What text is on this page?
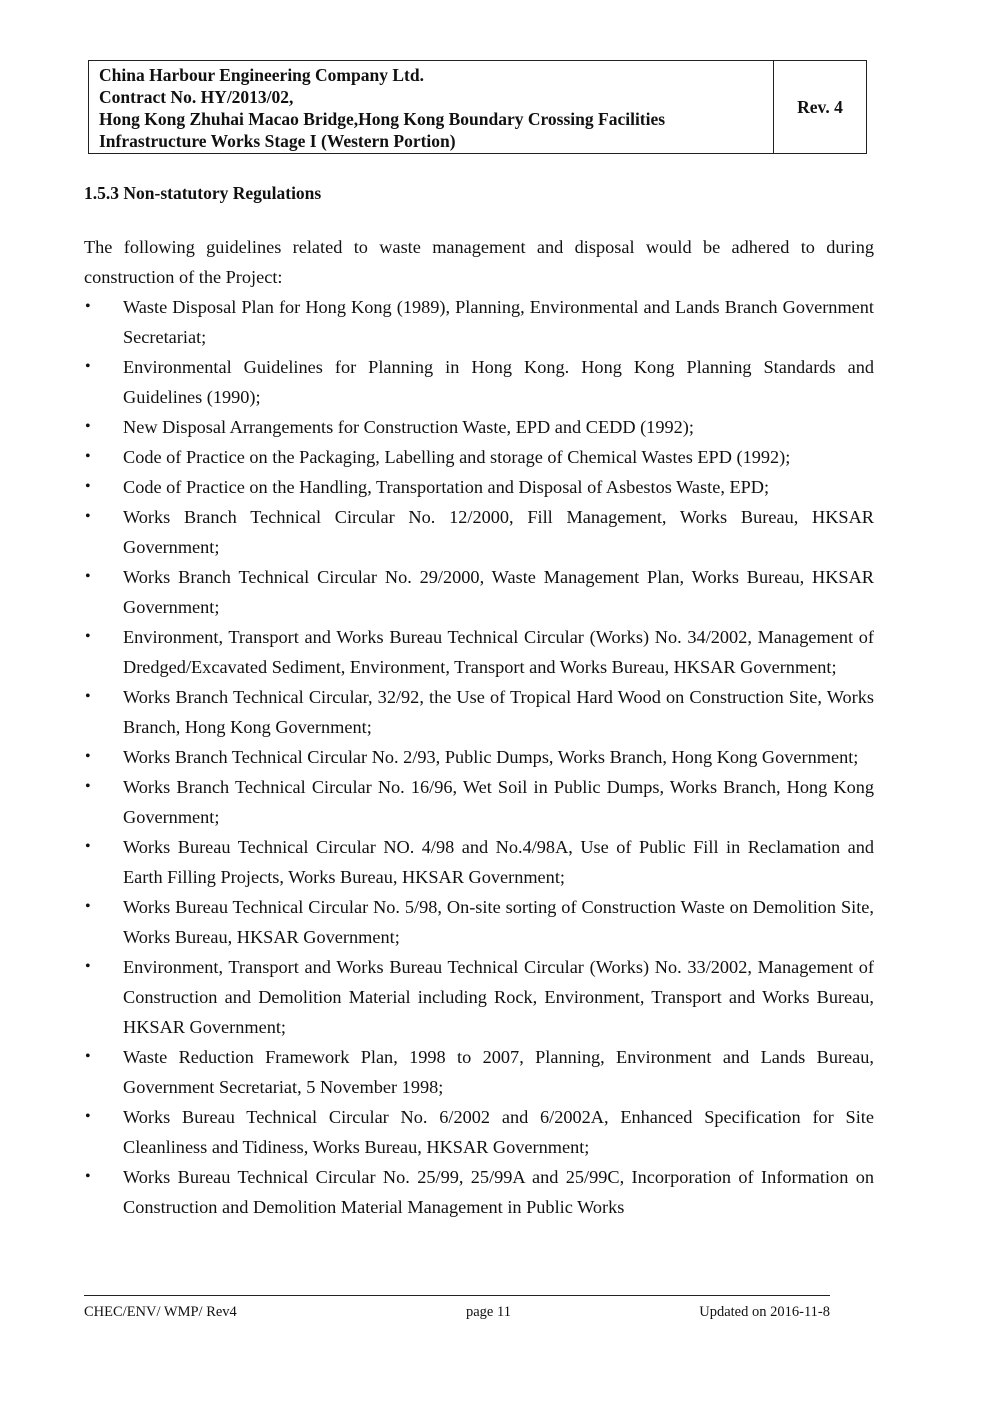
China Harbour Engineering Company Ltd.
Contract No. HY/2013/02,
Hong Kong Zhuhai Macao Bridge,Hong Kong Boundary Crossing Facilities
Infrastructure Works Stage I (Western Portion)
Rev. 4
1.5.3 Non-statutory Regulations

The following guidelines related to waste management and disposal would be adhered to during construction of the Project:

• Waste Disposal Plan for Hong Kong (1989), Planning, Environmental and Lands Branch Government Secretariat;
• Environmental Guidelines for Planning in Hong Kong. Hong Kong Planning Standards and Guidelines (1990);
• New Disposal Arrangements for Construction Waste, EPD and CEDD (1992);
• Code of Practice on the Packaging, Labelling and storage of Chemical Wastes EPD (1992);
• Code of Practice on the Handling, Transportation and Disposal of Asbestos Waste, EPD;
• Works Branch Technical Circular No. 12/2000, Fill Management, Works Bureau, HKSAR Government;
• Works Branch Technical Circular No. 29/2000, Waste Management Plan, Works Bureau, HKSAR Government;
• Environment, Transport and Works Bureau Technical Circular (Works) No. 34/2002, Management of Dredged/Excavated Sediment, Environment, Transport and Works Bureau, HKSAR Government;
• Works Branch Technical Circular, 32/92, the Use of Tropical Hard Wood on Construction Site, Works Branch, Hong Kong Government;
• Works Branch Technical Circular No. 2/93, Public Dumps, Works Branch, Hong Kong Government;
• Works Branch Technical Circular No. 16/96, Wet Soil in Public Dumps, Works Branch, Hong Kong Government;
• Works Bureau Technical Circular NO. 4/98 and No.4/98A, Use of Public Fill in Reclamation and Earth Filling Projects, Works Bureau, HKSAR Government;
• Works Bureau Technical Circular No. 5/98, On-site sorting of Construction Waste on Demolition Site, Works Bureau, HKSAR Government;
• Environment, Transport and Works Bureau Technical Circular (Works) No. 33/2002, Management of Construction and Demolition Material including Rock, Environment, Transport and Works Bureau, HKSAR Government;
• Waste Reduction Framework Plan, 1998 to 2007, Planning, Environment and Lands Bureau, Government Secretariat, 5 November 1998;
• Works Bureau Technical Circular No. 6/2002 and 6/2002A, Enhanced Specification for Site Cleanliness and Tidiness, Works Bureau, HKSAR Government;
• Works Bureau Technical Circular No. 25/99, 25/99A and 25/99C, Incorporation of Information on Construction and Demolition Material Management in Public Works
CHEC/ENV/ WMP/ Rev4	page 11	Updated on 2016-11-8
